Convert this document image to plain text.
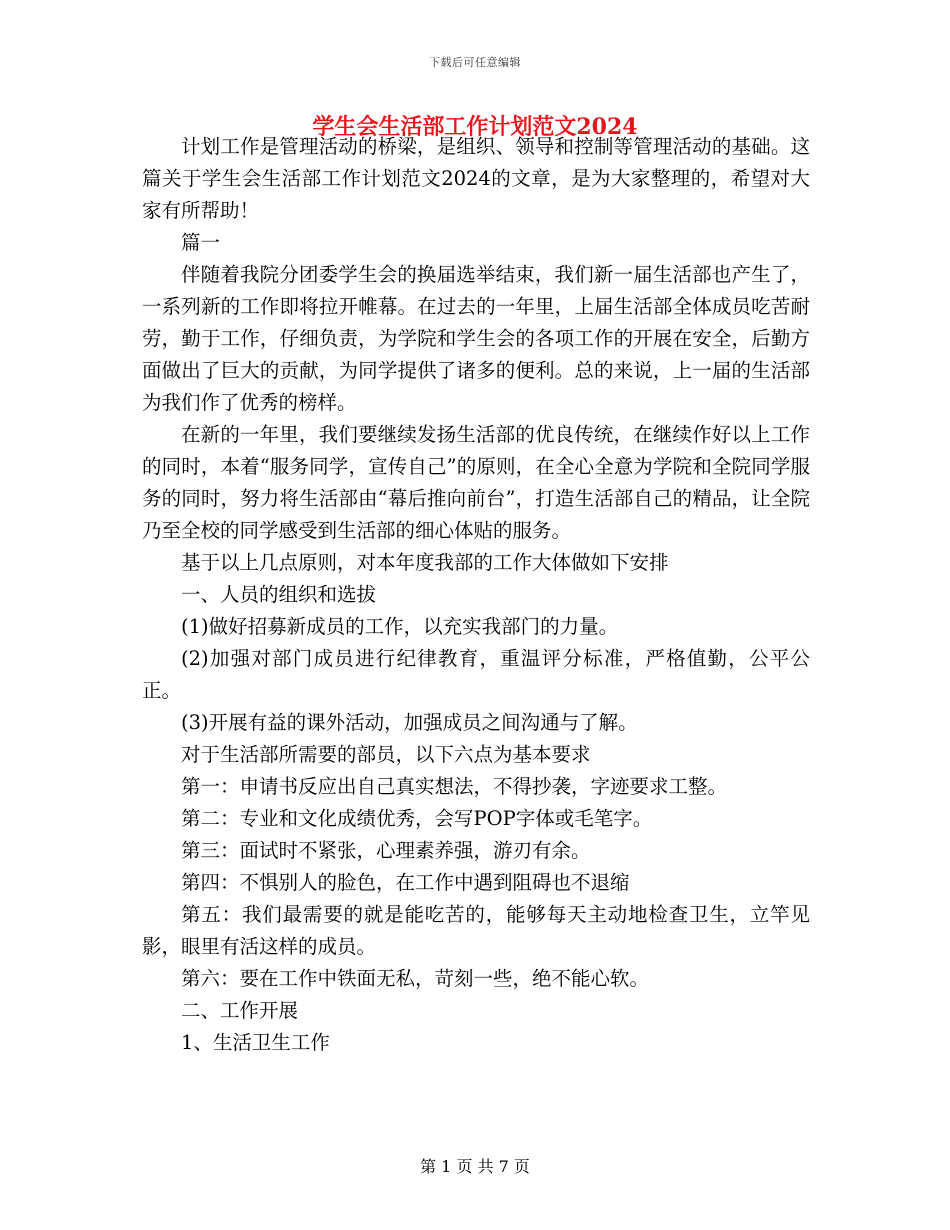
下载后可任意编辑
学生会生活部工作计划范文2024

计划工作是管理活动的桥梁，是组织、领导和控制等管理活动的基础。这篇关于学生会生活部工作计划范文2024的文章，是为大家整理的，希望对大家有所帮助！

篇一

伴随着我院分团委学生会的换届选举结束，我们新一届生活部也产生了，一系列新的工作即将拉开帷幕。在过去的一年里，上届生活部全体成员吃苦耐劳，勤于工作，仔细负责，为学院和学生会的各项工作的开展在安全，后勤方面做出了巨大的贡献，为同学提供了诸多的便利。总的来说，上一届的生活部为我们作了优秀的榜样。

在新的一年里，我们要继续发扬生活部的优良传统，在继续作好以上工作的同时，本着“服务同学，宣传自己”的原则，在全心全意为学院和全院同学服务的同时，努力将生活部由“幕后推向前台”，打造生活部自己的精品，让全院乃至全校的同学感受到生活部的细心体贴的服务。

基于以上几点原则，对本年度我部的工作大体做如下安排

一、人员的组织和选拔

(1)做好招募新成员的工作，以充实我部门的力量。

(2)加强对部门成员进行纪律教育，重温评分标准，严格值勤，公平公正。

(3)开展有益的课外活动，加强成员之间沟通与了解。

对于生活部所需要的部员，以下六点为基本要求

第一：申请书反应出自己真实想法，不得抄袭，字迹要求工整。

第二：专业和文化成绩优秀，会写POP字体或毛笔字。

第三：面试时不紧张，心理素养强，游刃有余。

第四：不惧别人的脸色，在工作中遇到阻碍也不退缩

第五：我们最需要的就是能吃苦的，能够每天主动地检查卫生，立竿见影，眼里有活这样的成员。

第六：要在工作中铁面无私，苛刻一些，绝不能心软。

二、工作开展

1、生活卫生工作

第 1 页 共 7 页
